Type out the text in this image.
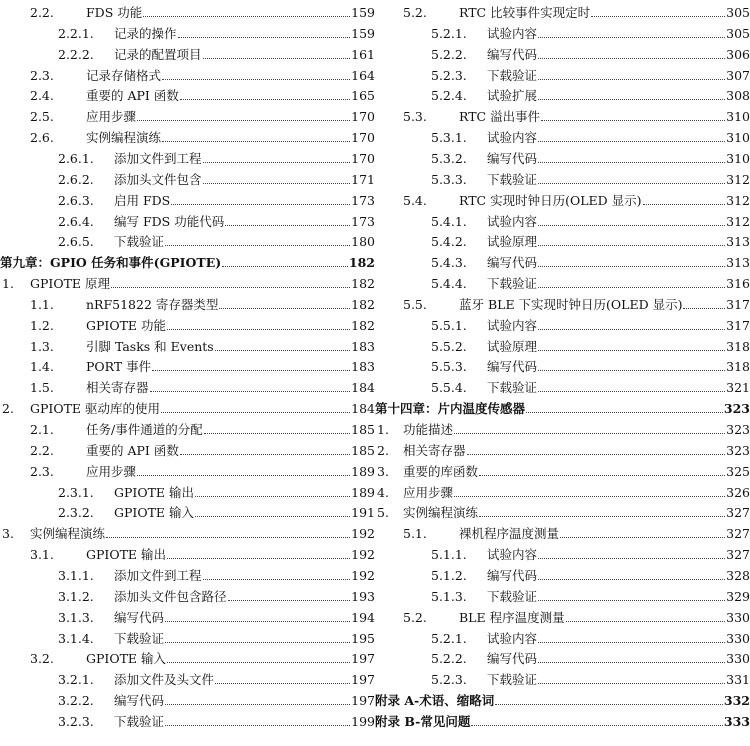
2.2.	FDS 功能	159
2.2.1. 记录的操作	159
2.2.2. 记录的配置项目	161
2.3.	记录存储格式	164
2.4.	重要的 API 函数	165
2.5.	应用步骤	170
2.6.	实例编程演练	170
2.6.1. 添加文件到工程	170
2.6.2. 添加头文件包含	171
2.6.3. 启用 FDS	173
2.6.4. 编写 FDS 功能代码	173
2.6.5. 下载验证	180
第九章：GPIO 任务和事件(GPIOTE)	182
1. GPIOTE 原理	182
1.1.	nRF51822 寄存器类型	182
1.2.	GPIOTE 功能	182
1.3.	引脚 Tasks 和 Events	183
1.4.	PORT 事件	183
1.5.	相关寄存器	184
2. GPIOTE 驱动库的使用	184
2.1.	任务/事件通道的分配	185
2.2.	重要的 API 函数	185
2.3.	应用步骤	189
2.3.1. GPIOTE 输出	189
2.3.2. GPIOTE 输入	191
3. 实例编程演练	192
3.1.	GPIOTE 输出	192
3.1.1. 添加文件到工程	192
3.1.2. 添加头文件包含路径	193
3.1.3. 编写代码	194
3.1.4. 下载验证	195
3.2.	GPIOTE 输入	197
3.2.1. 添加文件及头文件	197
3.2.2. 编写代码	197
3.2.3. 下载验证	199
5.2.	RTC 比较事件实现定时	305
5.2.1. 试验内容	305
5.2.2. 编写代码	306
5.2.3. 下载验证	307
5.2.4. 试验扩展	308
5.3.	RTC 溢出事件	310
5.3.1. 试验内容	310
5.3.2. 编写代码	310
5.3.3. 下载验证	312
5.4.	RTC 实现时钟日历(OLED 显示)	312
5.4.1. 试验内容	312
5.4.2. 试验原理	313
5.4.3. 编写代码	313
5.4.4. 下载验证	316
5.5.	蓝牙 BLE 下实现时钟日历(OLED 显示)	317
5.5.1. 试验内容	317
5.5.2. 试验原理	318
5.5.3. 编写代码	318
5.5.4. 下载验证	321
第十四章：片内温度传感器	323
1. 功能描述	323
2. 相关寄存器	323
3. 重要的库函数	325
4. 应用步骤	326
5. 实例编程演练	327
5.1.	裸机程序温度测量	327
5.1.1. 试验内容	327
5.1.2. 编写代码	328
5.1.3. 下载验证	329
5.2.	BLE 程序温度测量	330
5.2.1. 试验内容	330
5.2.2. 编写代码	330
5.2.3. 下载验证	331
附录 A-术语、缩略词	332
附录 B-常见问题	333
